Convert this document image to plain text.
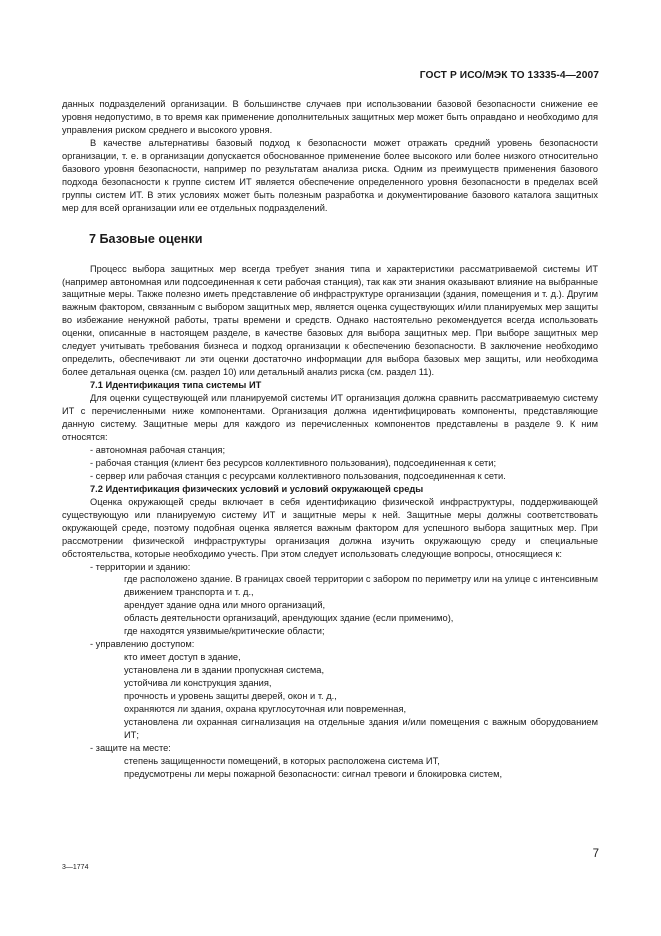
ГОСТ Р ИСО/МЭК ТО 13335-4—2007

данных подразделений организации. В большинстве случаев при использовании базовой безопасности снижение ее уровня недопустимо, в то время как применение дополнительных защитных мер может быть оправдано и необходимо для управления риском среднего и высокого уровня.

В качестве альтернативы базовый подход к безопасности может отражать средний уровень безопасности организации, т. е. в организации допускается обоснованное применение более высокого или более низкого относительно базового уровня безопасности, например по результатам анализа риска. Одним из преимуществ применения базового подхода безопасности к группе систем ИТ является обеспечение определенного уровня безопасности в пределах всей группы систем ИТ. В этих условиях может быть полезным разработка и документирование базового каталога защитных мер для всей организации или ее отдельных подразделений.

7 Базовые оценки

Процесс выбора защитных мер всегда требует знания типа и характеристики рассматриваемой системы ИТ (например автономная или подсоединенная к сети рабочая станция), так как эти знания оказывают влияние на выбранные защитные меры. Также полезно иметь представление об инфраструктуре организации (здания, помещения и т. д.). Другим важным фактором, связанным с выбором защитных мер, является оценка существующих и/или планируемых мер защиты во избежание ненужной работы, траты времени и средств. Однако настоятельно рекомендуется всегда использовать оценки, описанные в настоящем разделе, в качестве базовых для выбора защитных мер. При выборе защитных мер следует учитывать требования бизнеса и подход организации к обеспечению безопасности. В заключение необходимо определить, обеспечивают ли эти оценки достаточно информации для выбора базовых мер защиты, или необходима более детальная оценка (см. раздел 10) или детальный анализ риска (см. раздел 11).

7.1 Идентификация типа системы ИТ

Для оценки существующей или планируемой системы ИТ организация должна сравнить рассматриваемую систему ИТ с перечисленными ниже компонентами. Организация должна идентифицировать компоненты, представляющие данную систему. Защитные меры для каждого из перечисленных компонентов представлены в разделе 9. К ним относятся:

- автономная рабочая станция;
- рабочая станция (клиент без ресурсов коллективного пользования), подсоединенная к сети;
- сервер или рабочая станция с ресурсами коллективного пользования, подсоединенная к сети.
7.2 Идентификация физических условий и условий окружающей среды

Оценка окружающей среды включает в себя идентификацию физической инфраструктуры, поддерживающей существующую или планируемую систему ИТ и защитные меры к ней. Защитные меры должны соответствовать окружающей среде, поэтому подобная оценка является важным фактором для успешного выбора защитных мер. При рассмотрении физической инфраструктуры организация должна изучить окружающую среду и специальные обстоятельства, которые необходимо учесть. При этом следует использовать следующие вопросы, относящиеся к:

- территории и зданию:
где расположено здание. В границах своей территории с забором по периметру или на улице с интенсивным движением транспорта и т. д.,
арендует здание одна или много организаций,
область деятельности организаций, арендующих здание (если применимо),
где находятся уязвимые/критические области;
- управлению доступом:
кто имеет доступ в здание,
установлена ли в здании пропускная система,
устойчива ли конструкция здания,
прочность и уровень защиты дверей, окон и т. д.,
охраняются ли здания, охрана круглосуточная или повременная,
установлена ли охранная сигнализация на отдельные здания и/или помещения с важным оборудованием ИТ;
- защите на месте:
степень защищенности помещений, в которых расположена система ИТ,
предусмотрены ли меры пожарной безопасности: сигнал тревоги и блокировка систем,
3—1774
7
